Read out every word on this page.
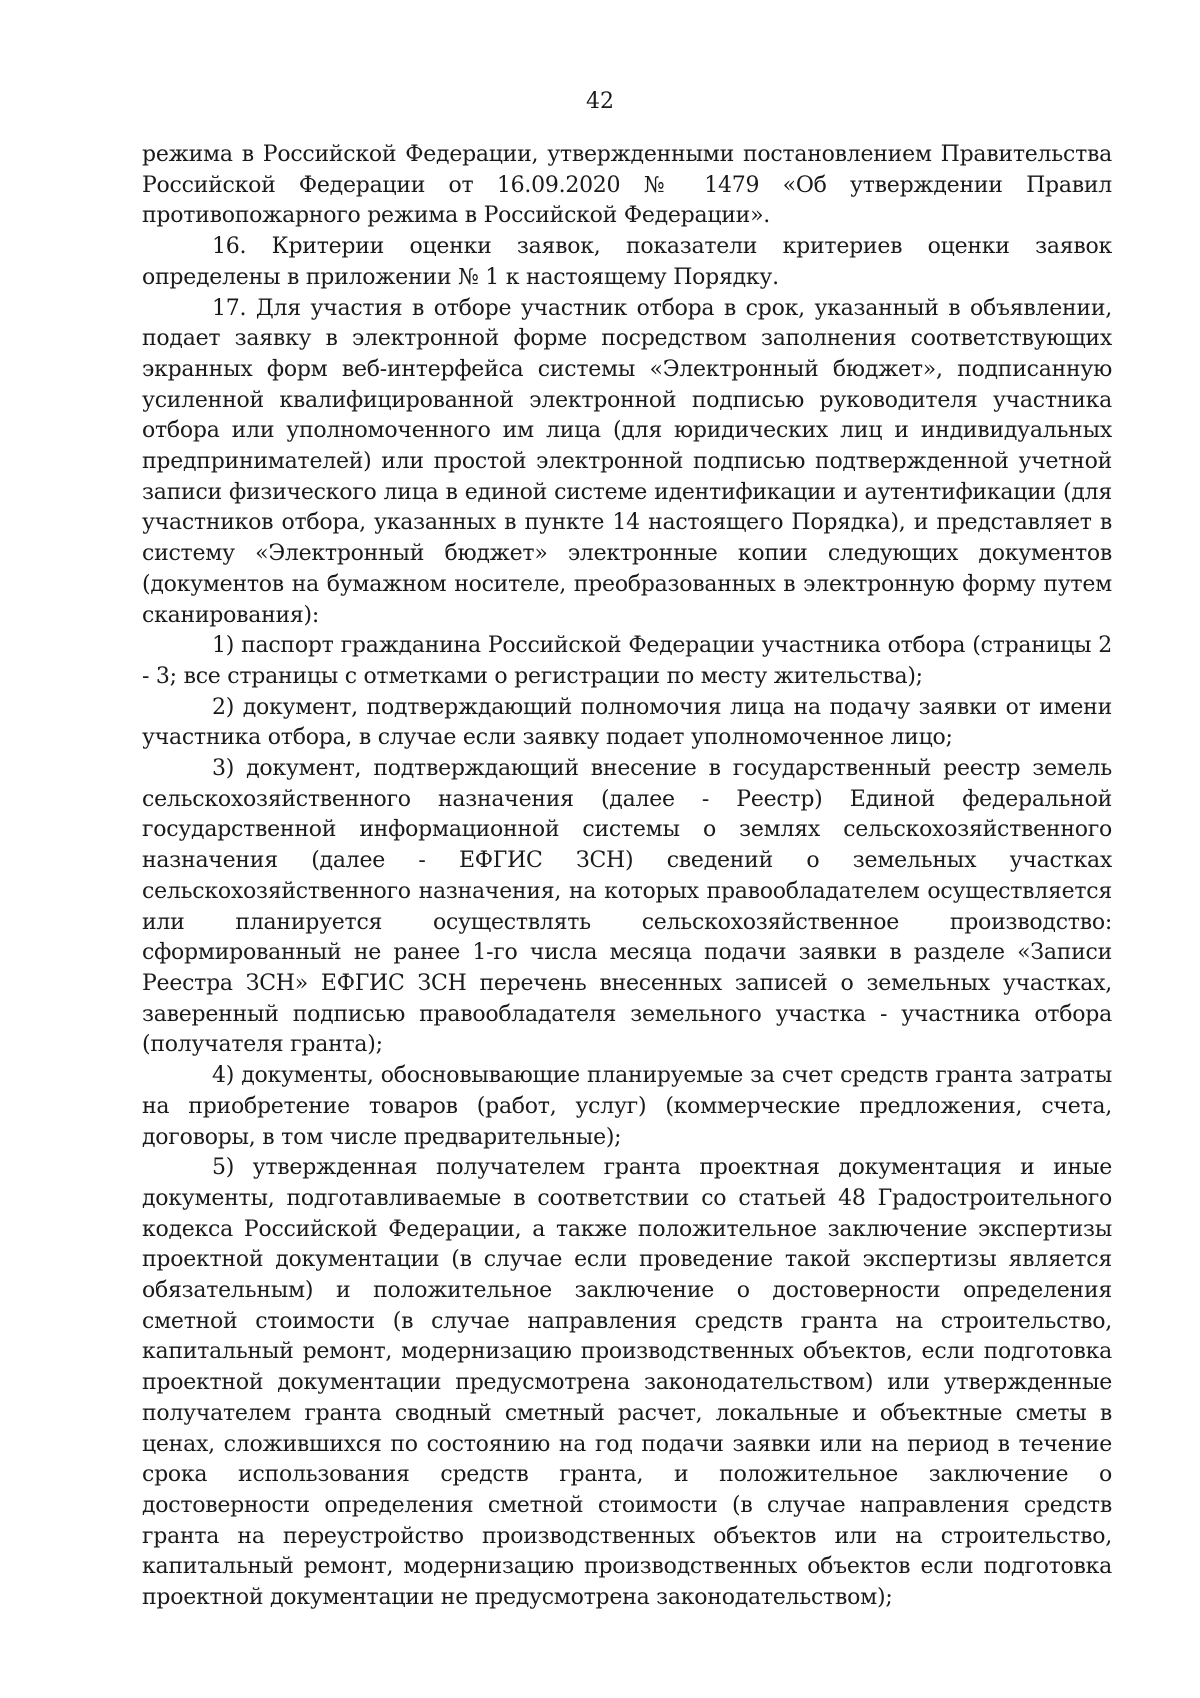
42

режима в Российской Федерации, утвержденными постановлением Правительства Российской Федерации от 16.09.2020 № 1479 «Об утверждении Правил противопожарного режима в Российской Федерации».

16. Критерии оценки заявок, показатели критериев оценки заявок определены в приложении № 1 к настоящему Порядку.

17. Для участия в отборе участник отбора в срок, указанный в объявлении, подает заявку в электронной форме посредством заполнения соответствующих экранных форм веб-интерфейса системы «Электронный бюджет», подписанную усиленной квалифицированной электронной подписью руководителя участника отбора или уполномоченного им лица (для юридических лиц и индивидуальных предпринимателей) или простой электронной подписью подтвержденной учетной записи физического лица в единой системе идентификации и аутентификации (для участников отбора, указанных в пункте 14 настоящего Порядка), и представляет в систему «Электронный бюджет» электронные копии следующих документов (документов на бумажном носителе, преобразованных в электронную форму путем сканирования):

1) паспорт гражданина Российской Федерации участника отбора (страницы 2 - 3; все страницы с отметками о регистрации по месту жительства);

2) документ, подтверждающий полномочия лица на подачу заявки от имени участника отбора, в случае если заявку подает уполномоченное лицо;

3) документ, подтверждающий внесение в государственный реестр земель сельскохозяйственного назначения (далее - Реестр) Единой федеральной государственной информационной системы о землях сельскохозяйственного назначения (далее - ЕФГИС ЗСН) сведений о земельных участках сельскохозяйственного назначения, на которых правообладателем осуществляется или планируется осуществлять сельскохозяйственное производство: сформированный не ранее 1-го числа месяца подачи заявки в разделе «Записи Реестра ЗСН» ЕФГИС ЗСН перечень внесенных записей о земельных участках, заверенный подписью правообладателя земельного участка - участника отбора (получателя гранта);

4) документы, обосновывающие планируемые за счет средств гранта затраты на приобретение товаров (работ, услуг) (коммерческие предложения, счета, договоры, в том числе предварительные);

5) утвержденная получателем гранта проектная документация и иные документы, подготавливаемые в соответствии со статьей 48 Градостроительного кодекса Российской Федерации, а также положительное заключение экспертизы проектной документации (в случае если проведение такой экспертизы является обязательным) и положительное заключение о достоверности определения сметной стоимости (в случае направления средств гранта на строительство, капитальный ремонт, модернизацию производственных объектов, если подготовка проектной документации предусмотрена законодательством) или утвержденные получателем гранта сводный сметный расчет, локальные и объектные сметы в ценах, сложившихся по состоянию на год подачи заявки или на период в течение срока использования средств гранта, и положительное заключение о достоверности определения сметной стоимости (в случае направления средств гранта на переустройство производственных объектов или на строительство, капитальный ремонт, модернизацию производственных объектов если подготовка проектной документации не предусмотрена законодательством);
